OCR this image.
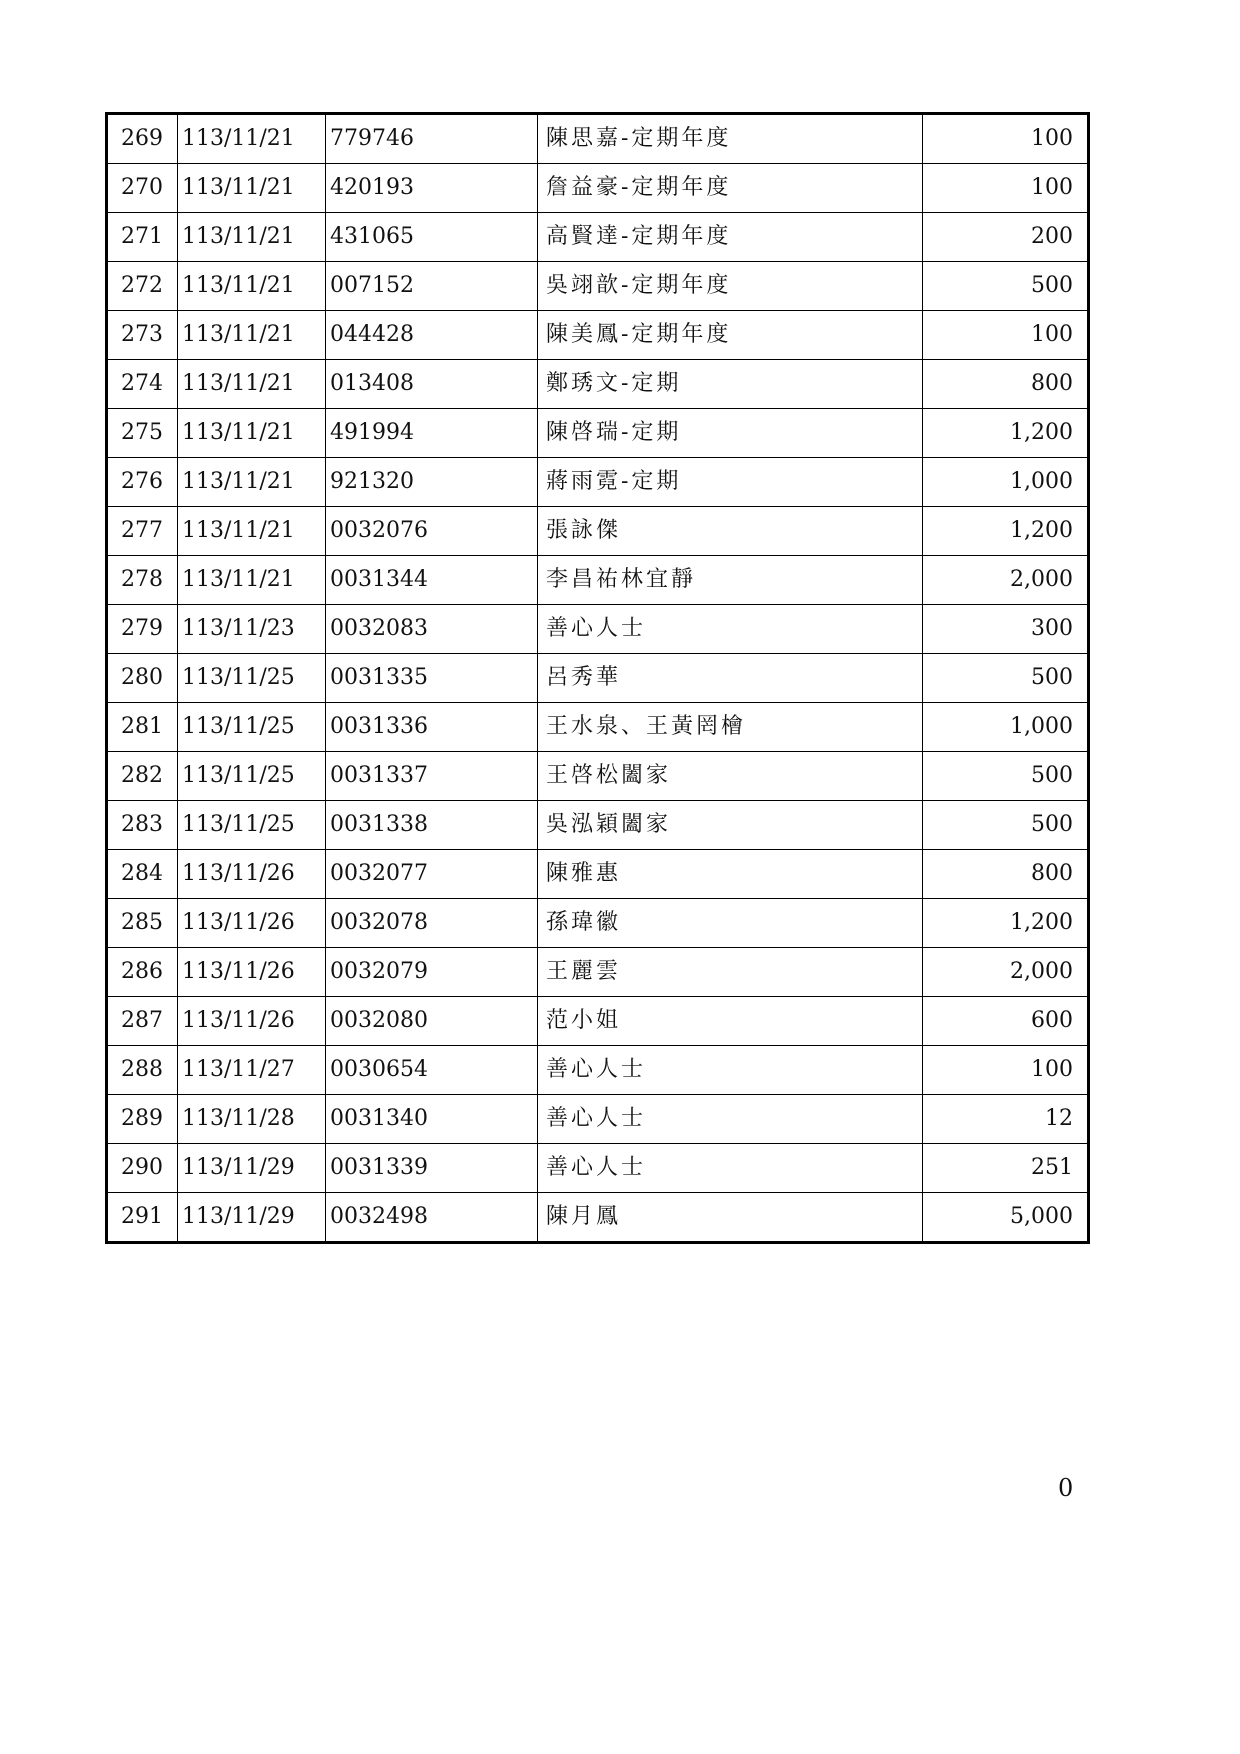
269	113/11/21	779746	陳思嘉-定期年度	100
270	113/11/21	420193	詹益豪-定期年度	100
271	113/11/21	431065	高賢達-定期年度	200
272	113/11/21	007152	吳翊歆-定期年度	500
273	113/11/21	044428	陳美鳳-定期年度	100
274	113/11/21	013408	鄭琇文-定期	800
275	113/11/21	491994	陳啓瑞-定期	1,200
276	113/11/21	921320	蔣雨霓-定期	1,000
277	113/11/21	0032076	張詠傑	1,200
278	113/11/21	0031344	李昌祐林宜靜	2,000
279	113/11/23	0032083	善心人士	300
280	113/11/25	0031335	呂秀華	500
281	113/11/25	0031336	王水泉、王黃罔檜	1,000
282	113/11/25	0031337	王啓松闔家	500
283	113/11/25	0031338	吳泓穎闔家	500
284	113/11/26	0032077	陳雅惠	800
285	113/11/26	0032078	孫瑋徽	1,200
286	113/11/26	0032079	王麗雲	2,000
287	113/11/26	0032080	范小姐	600
288	113/11/27	0030654	善心人士	100
289	113/11/28	0031340	善心人士	12
290	113/11/29	0031339	善心人士	251
291	113/11/29	0032498	陳月鳳	5,000
0
